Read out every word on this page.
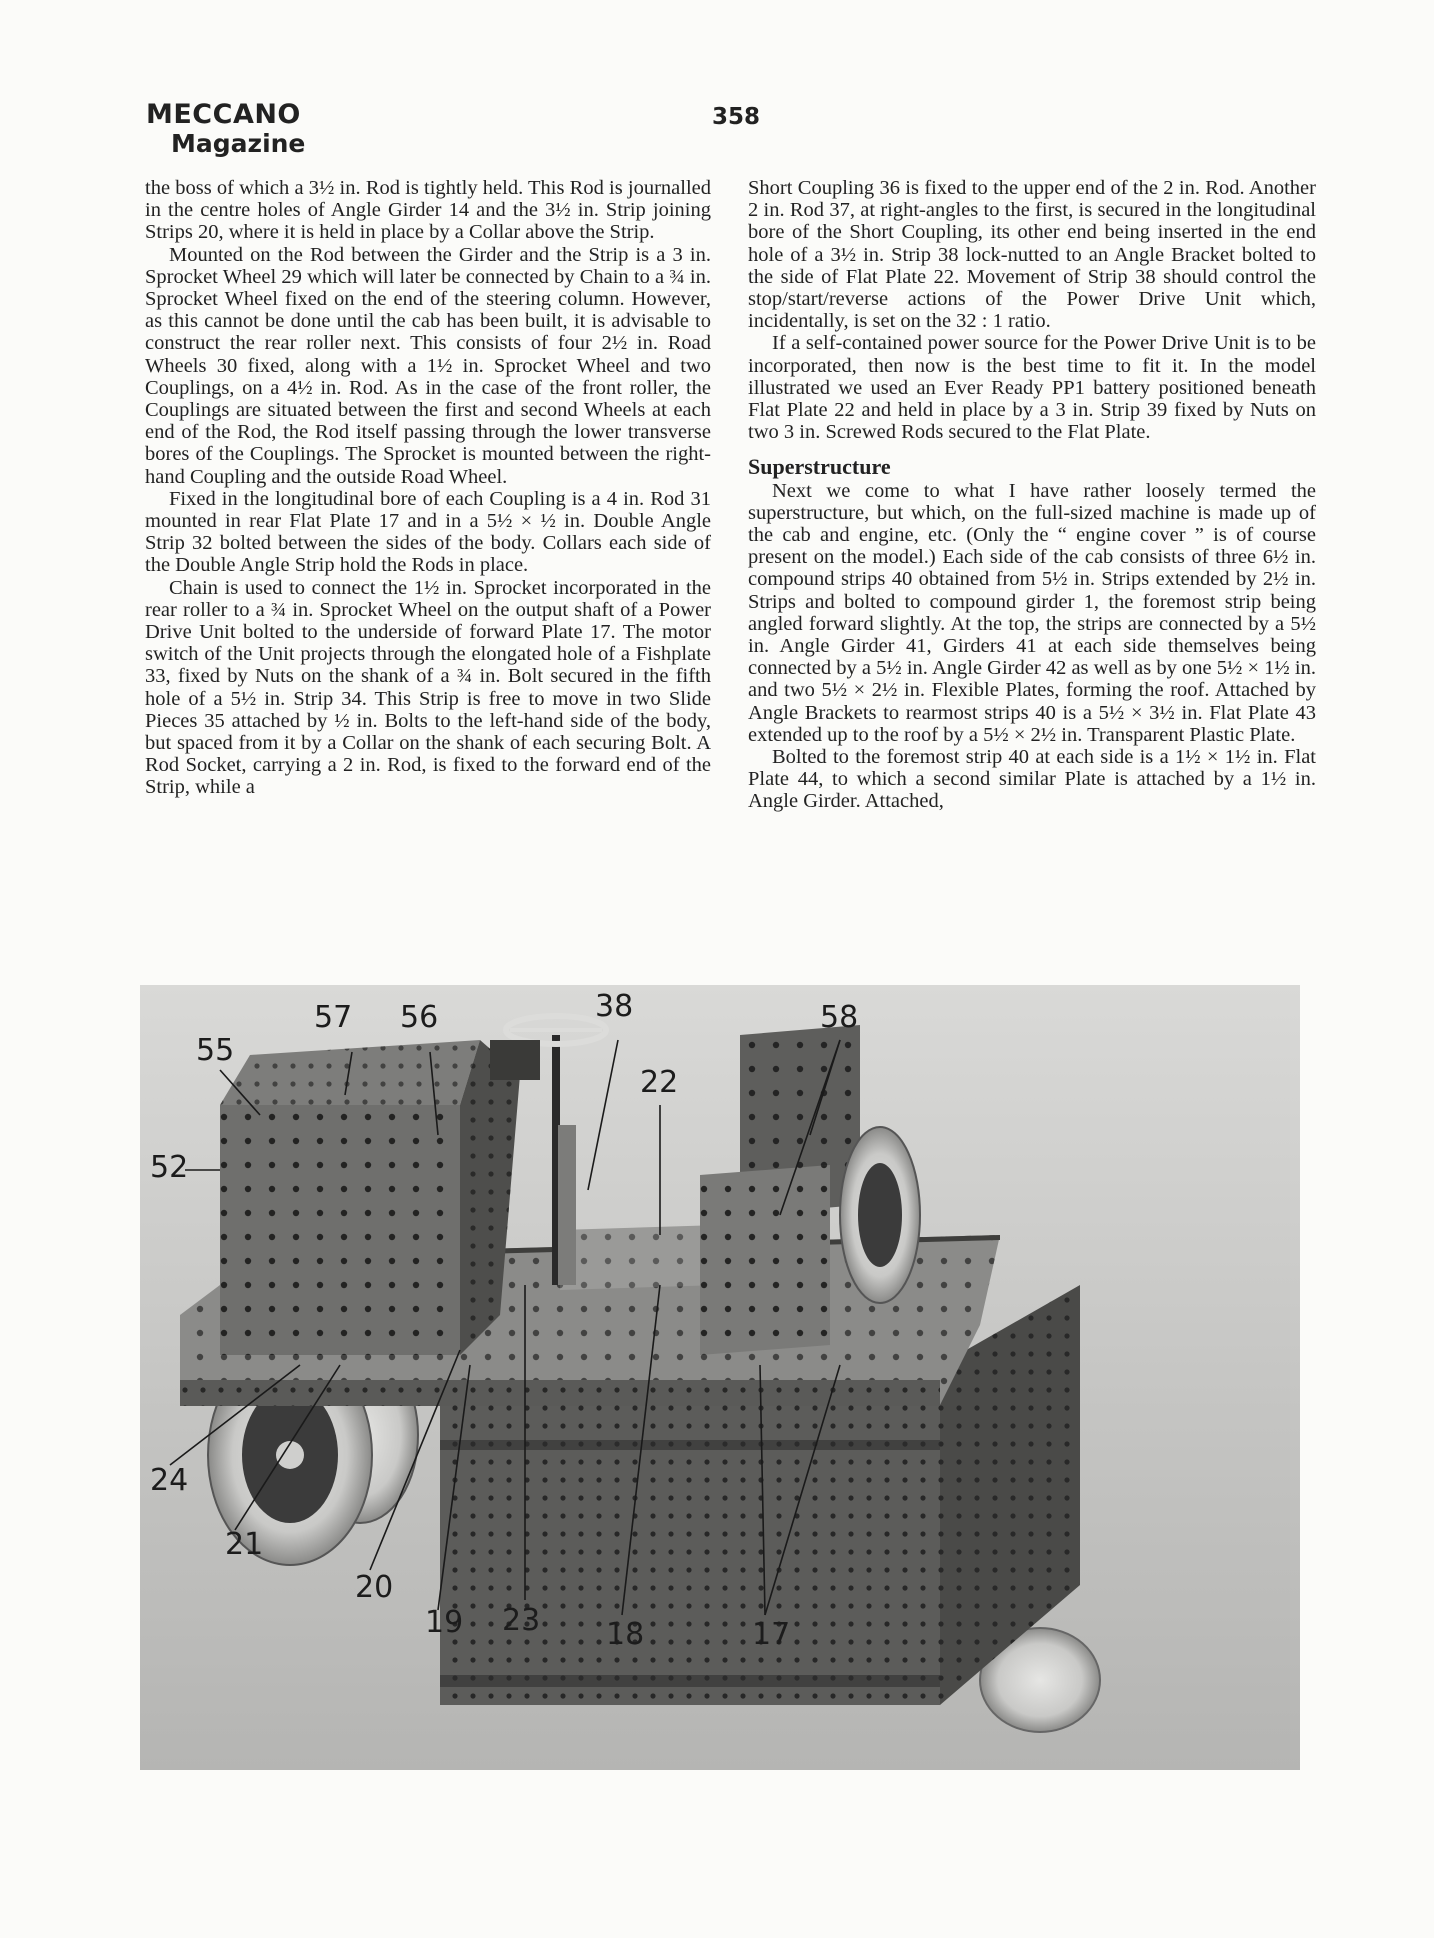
MECCANO
Magazine
358

the boss of which a 3½ in. Rod is tightly held. This Rod is journalled in the centre holes of Angle Girder 14 and the 3½ in. Strip joining Strips 20, where it is held in place by a Collar above the Strip.

Mounted on the Rod between the Girder and the Strip is a 3 in. Sprocket Wheel 29 which will later be connected by Chain to a ¾ in. Sprocket Wheel fixed on the end of the steering column. However, as this cannot be done until the cab has been built, it is advisable to construct the rear roller next. This consists of four 2½ in. Road Wheels 30 fixed, along with a 1½ in. Sprocket Wheel and two Couplings, on a 4½ in. Rod. As in the case of the front roller, the Couplings are situated between the first and second Wheels at each end of the Rod, the Rod itself passing through the lower transverse bores of the Couplings. The Sprocket is mounted between the right-hand Coupling and the outside Road Wheel.

Fixed in the longitudinal bore of each Coupling is a 4 in. Rod 31 mounted in rear Flat Plate 17 and in a 5½ × ½ in. Double Angle Strip 32 bolted between the sides of the body. Collars each side of the Double Angle Strip hold the Rods in place.

Chain is used to connect the 1½ in. Sprocket incorporated in the rear roller to a ¾ in. Sprocket Wheel on the output shaft of a Power Drive Unit bolted to the underside of forward Plate 17. The motor switch of the Unit projects through the elongated hole of a Fishplate 33, fixed by Nuts on the shank of a ¾ in. Bolt secured in the fifth hole of a 5½ in. Strip 34. This Strip is free to move in two Slide Pieces 35 attached by ½ in. Bolts to the left-hand side of the body, but spaced from it by a Collar on the shank of each securing Bolt. A Rod Socket, carrying a 2 in. Rod, is fixed to the forward end of the Strip, while a

Short Coupling 36 is fixed to the upper end of the 2 in. Rod. Another 2 in. Rod 37, at right-angles to the first, is secured in the longitudinal bore of the Short Coupling, its other end being inserted in the end hole of a 3½ in. Strip 38 lock-nutted to an Angle Bracket bolted to the side of Flat Plate 22. Movement of Strip 38 should control the stop/start/reverse actions of the Power Drive Unit which, incidentally, is set on the 32 : 1 ratio.

If a self-contained power source for the Power Drive Unit is to be incorporated, then now is the best time to fit it. In the model illustrated we used an Ever Ready PP1 battery positioned beneath Flat Plate 22 and held in place by a 3 in. Strip 39 fixed by Nuts on two 3 in. Screwed Rods secured to the Flat Plate.

Superstructure

Next we come to what I have rather loosely termed the superstructure, but which, on the full-sized machine is made up of the cab and engine, etc. (Only the “ engine cover ” is of course present on the model.) Each side of the cab consists of three 6½ in. compound strips 40 obtained from 5½ in. Strips extended by 2½ in. Strips and bolted to compound girder 1, the foremost strip being angled forward slightly. At the top, the strips are connected by a 5½ in. Angle Girder 41, Girders 41 at each side themselves being connected by a 5½ in. Angle Girder 42 as well as by one 5½ × 1½ in. and two 5½ × 2½ in. Flexible Plates, forming the roof. Attached by Angle Brackets to rearmost strips 40 is a 5½ × 3½ in. Flat Plate 43 extended up to the roof by a 5½ × 2½ in. Transparent Plastic Plate.

Bolted to the foremost strip 40 at each side is a 1½ × 1½ in. Flat Plate 44, to which a second similar Plate is attached by a 1½ in. Angle Girder. Attached,

57 56	38	58
55
22
52
24
21
20
19 23 18	17
